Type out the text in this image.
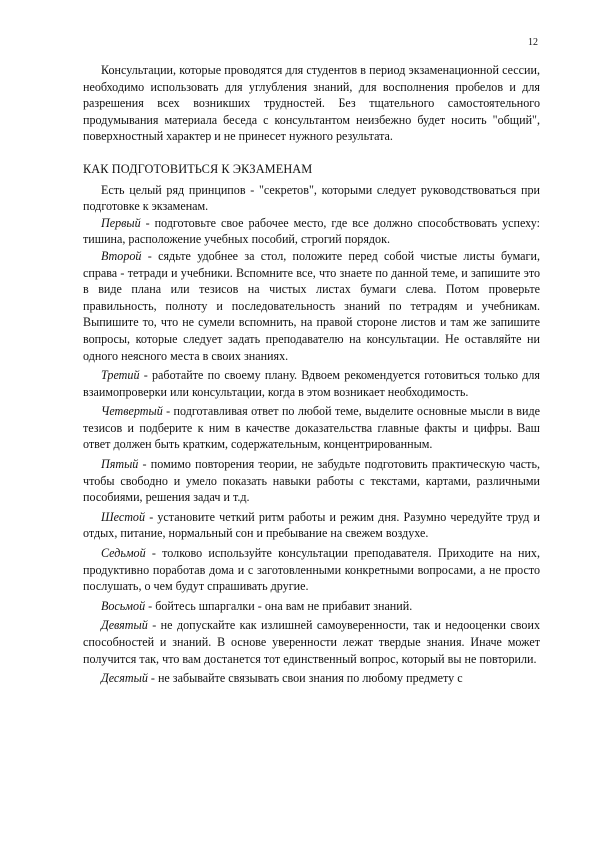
12

Консультации, которые проводятся для студентов в период экзаменационной сессии, необходимо использовать для углубления знаний, для восполнения пробелов и для разрешения всех возникших трудностей. Без тщательного самостоятельного продумывания материала беседа с консультантом неизбежно будет носить "общий", поверхностный характер и не принесет нужного результата.

КАК ПОДГОТОВИТЬСЯ К ЭКЗАМЕНАМ

Есть целый ряд принципов - "секретов", которыми следует руководствоваться при подготовке к экзаменам.

Первый - подготовьте свое рабочее место, где все должно способствовать успеху: тишина, расположение учебных пособий, строгий порядок.

Второй - сядьте удобнее за стол, положите перед собой чистые листы бумаги, справа - тетради и учебники. Вспомните все, что знаете по данной теме, и запишите это в виде плана или тезисов на чистых листах бумаги слева. Потом проверьте правильность, полноту и последовательность знаний по тетрадям и учебникам. Выпишите то, что не сумели вспомнить, на правой стороне листов и там же запишите вопросы, которые следует задать преподавателю на консультации. Не оставляйте ни одного неясного места в своих знаниях.

Третий - работайте по своему плану. Вдвоем рекомендуется готовиться только для взаимопроверки или консультации, когда в этом возникает необходимость.

Четвертый - подготавливая ответ по любой теме, выделите основные мысли в виде тезисов и подберите к ним в качестве доказательства главные факты и цифры. Ваш ответ должен быть кратким, содержательным, концентрированным.

Пятый - помимо повторения теории, не забудьте подготовить практическую часть, чтобы свободно и умело показать навыки работы с текстами, картами, различными пособиями, решения задач и т.д.

Шестой - установите четкий ритм работы и режим дня. Разумно чередуйте труд и отдых, питание, нормальный сон и пребывание на свежем воздухе.

Седьмой - толково используйте консультации преподавателя. Приходите на них, продуктивно поработав дома и с заготовленными конкретными вопросами, а не просто послушать, о чем будут спрашивать другие.

Восьмой - бойтесь шпаргалки - она вам не прибавит знаний.

Девятый - не допускайте как излишней самоуверенности, так и недооценки своих способностей и знаний. В основе уверенности лежат твердые знания. Иначе может получится так, что вам достанется тот единственный вопрос, который вы не повторили.

Десятый - не забывайте связывать свои знания по любому предмету с
